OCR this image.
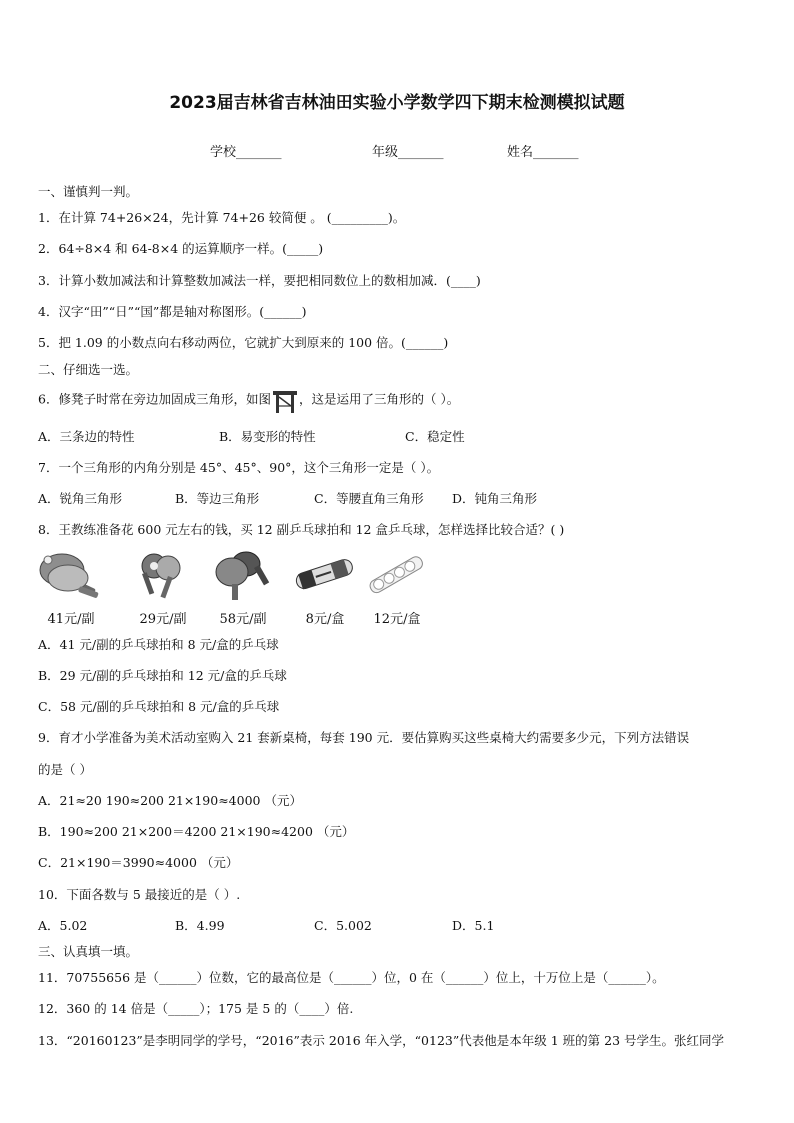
2023届吉林省吉林油田实验小学数学四下期末检测模拟试题
学校_______	年级_______	姓名_______
一、谨慎判一判。
1．在计算 74+26×24，先计算 74+26 较简便 。 (_________)。
2．64÷8×4 和 64-8×4 的运算顺序一样。(_____)
3．计算小数加减法和计算整数加减法一样，要把相同数位上的数相加减．(____)
4．汉字“田”“日”“国”都是轴对称图形。(______)
5．把 1.09 的小数点向右移动两位，它就扩大到原来的 100 倍。(______)
二、仔细选一选。
6．修凳子时常在旁边加固成三角形，如图 ，这是运用了三角形的（ ）。
A．三条边的特性	B．易变形的特性	C．稳定性
7．一个三角形的内角分别是 45°、45°、90°，这个三角形一定是（ ）。
A．锐角三角形	B．等边三角形	C．等腰直角三角形 D．钝角三角形
8．王教练准备花 600 元左右的钱，买 12 副乒乓球拍和 12 盒乒乓球，怎样选择比较合适？( )
41元/副	29元/副	58元/副	8元/盒	12元/盒
A．41 元/副的乒乓球拍和 8 元/盒的乒乓球
B．29 元/副的乒乓球拍和 12 元/盒的乒乓球
C．58 元/副的乒乓球拍和 8 元/盒的乒乓球
9．育才小学准备为美术活动室购入 21 套新桌椅，每套 190 元．要估算购买这些桌椅大约需要多少元，下列方法错误
的是（ ）
A．21≈20 190≈200 21×190≈4000 （元）
B．190≈200 21×200＝4200 21×190≈4200 （元）
C．21×190＝3990≈4000 （元）
10．下面各数与 5 最接近的是（ ）.
A．5.02	B．4.99	C．5.002	D．5.1
三、认真填一填。
11．70755656 是（______）位数，它的最高位是（______）位，0 在（______）位上，十万位上是（______）。
12．360 的 14 倍是（_____）；175 是 5 的（____）倍.
13．“20160123”是李明同学的学号，“2016”表示 2016 年入学，“0123”代表他是本年级 1 班的第 23 号学生。张红同学
